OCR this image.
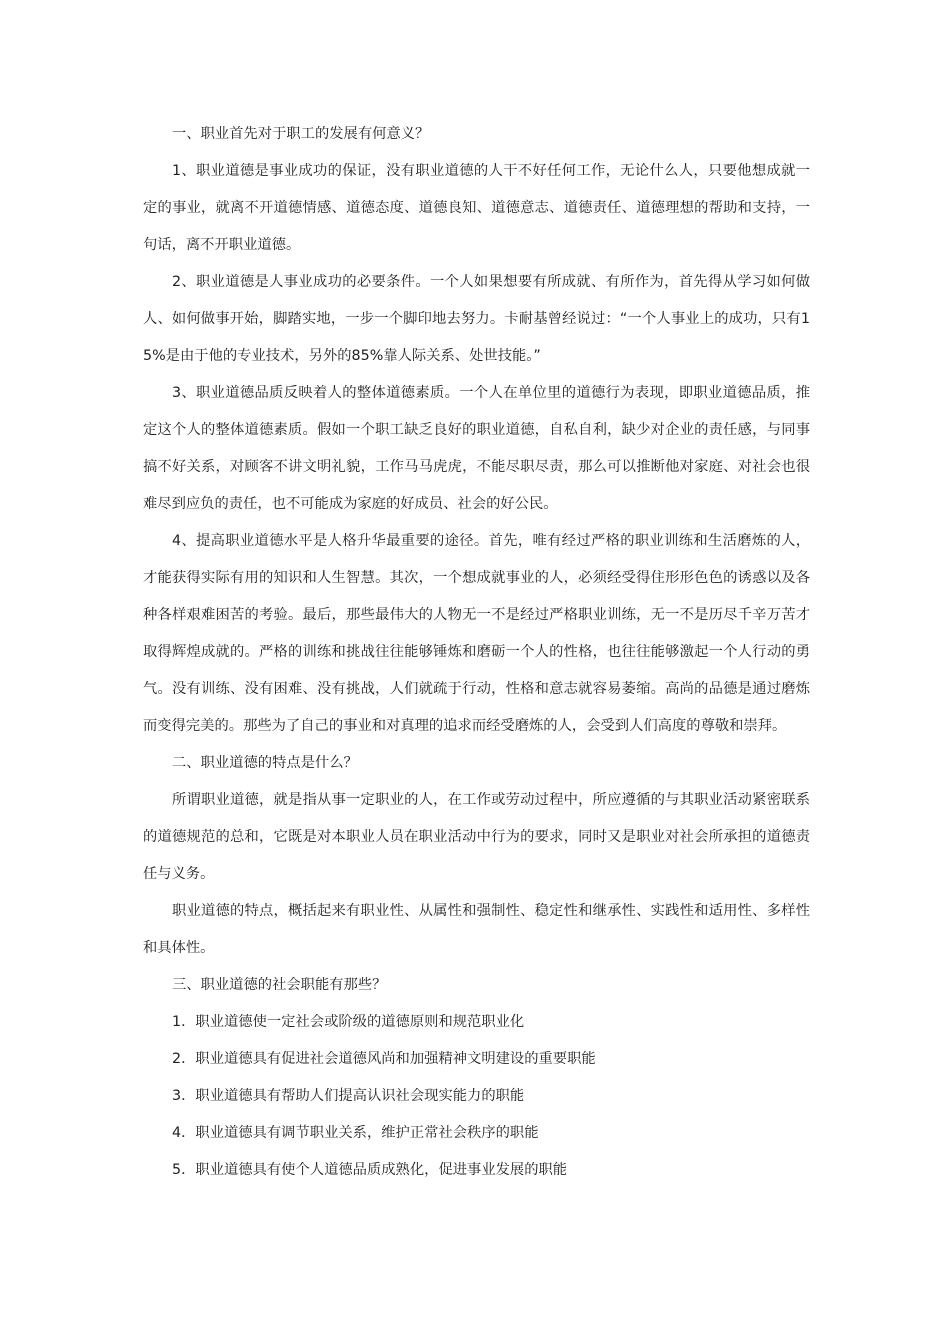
一、职业首先对于职工的发展有何意义？

1、职业道德是事业成功的保证，没有职业道德的人干不好任何工作，无论什么人，只要他想成就一定的事业，就离不开道德情感、道德态度、道德良知、道德意志、道德责任、道德理想的帮助和支持，一句话，离不开职业道德。

2、职业道德是人事业成功的必要条件。一个人如果想要有所成就、有所作为，首先得从学习如何做人、如何做事开始，脚踏实地，一步一个脚印地去努力。卡耐基曾经说过：“一个人事业上的成功，只有15%是由于他的专业技术，另外的85%靠人际关系、处世技能。”

3、职业道德品质反映着人的整体道德素质。一个人在单位里的道德行为表现，即职业道德品质，推定这个人的整体道德素质。假如一个职工缺乏良好的职业道德，自私自利，缺少对企业的责任感，与同事搞不好关系，对顾客不讲文明礼貌，工作马马虎虎，不能尽职尽责，那么可以推断他对家庭、对社会也很难尽到应负的责任，也不可能成为家庭的好成员、社会的好公民。

4、提高职业道德水平是人格升华最重要的途径。首先，唯有经过严格的职业训练和生活磨炼的人，才能获得实际有用的知识和人生智慧。其次，一个想成就事业的人，必须经受得住形形色色的诱惑以及各种各样艰难困苦的考验。最后，那些最伟大的人物无一不是经过严格职业训练，无一不是历尽千辛万苦才取得辉煌成就的。严格的训练和挑战往往能够锤炼和磨砺一个人的性格，也往往能够激起一个人行动的勇气。没有训练、没有困难、没有挑战，人们就疏于行动，性格和意志就容易萎缩。高尚的品德是通过磨炼而变得完美的。那些为了自己的事业和对真理的追求而经受磨炼的人，会受到人们高度的尊敬和崇拜。

二、职业道德的特点是什么？

所谓职业道德，就是指从事一定职业的人，在工作或劳动过程中，所应遵循的与其职业活动紧密联系的道德规范的总和，它既是对本职业人员在职业活动中行为的要求，同时又是职业对社会所承担的道德责任与义务。

职业道德的特点，概括起来有职业性、从属性和强制性、稳定性和继承性、实践性和适用性、多样性和具体性。

三、职业道德的社会职能有那些？

1．职业道德使一定社会或阶级的道德原则和规范职业化

2．职业道德具有促进社会道德风尚和加强精神文明建设的重要职能

3．职业道德具有帮助人们提高认识社会现实能力的职能

4．职业道德具有调节职业关系，维护正常社会秩序的职能

5．职业道德具有使个人道德品质成熟化，促进事业发展的职能
